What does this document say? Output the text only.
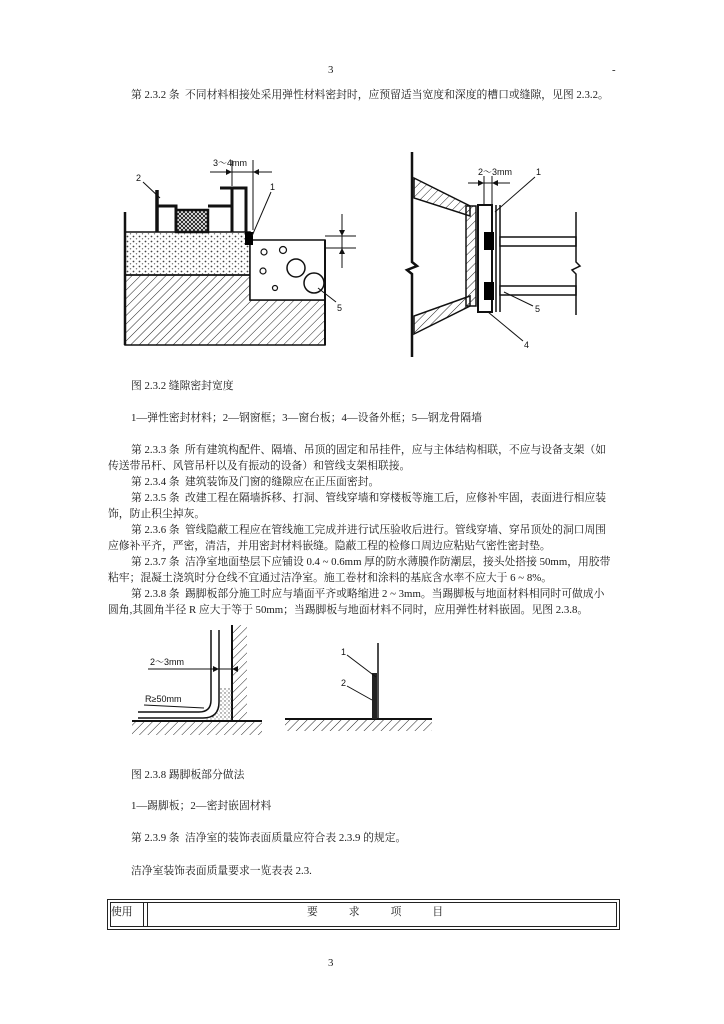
3	-
第 2.3.2 条  不同材料相接处采用弹性材料密封时，应预留适当宽度和深度的槽口或缝隙，见图 2.3.2。
3～4mm
1
2
5
2～3mm	1
5
4
图 2.3.2 缝隙密封宽度
1—弹性密封材料；2—钢窗框；3—窗台板；4—设备外框；5—钢龙骨隔墙
第 2.3.3 条  所有建筑构配件、隔墙、吊顶的固定和吊挂件，应与主体结构相联，不应与设备支架（如
传送带吊杆、风管吊杆以及有振动的设备）和管线支架相联接。
第 2.3.4 条  建筑装饰及门窗的缝隙应在正压面密封。
第 2.3.5 条  改建工程在隔墙拆移、打洞、管线穿墙和穿楼板等施工后，应修补牢固，表面进行相应装
饰，防止积尘掉灰。
第 2.3.6 条  管线隐蔽工程应在管线施工完成并进行试压验收后进行。管线穿墙、穿吊顶处的洞口周围
应修补平齐，严密，清洁，并用密封材料嵌缝。隐蔽工程的检修口周边应粘贴气密性密封垫。
第 2.3.7 条  洁净室地面垫层下应铺设 0.4 ~ 0.6mm 厚的防水薄膜作防潮层，接头处搭接 50mm，用胶带
粘牢；混凝土浇筑时分仓线不宜通过洁净室。施工卷材和涂料的基底含水率不应大于 6 ~ 8%。
第 2.3.8 条  踢脚板部分施工时应与墙面平齐或略缩进 2 ~ 3mm。当踢脚板与地面材料相同时可做成小
圆角,其圆角半径 R 应大于等于 50mm；当踢脚板与地面材料不同时，应用弹性材料嵌固。见图 2.3.8。
2～3mm
R≥50mm
1
2
图 2.3.8 踢脚板部分做法
1—踢脚板；2—密封嵌固材料
第 2.3.9 条  洁净室的装饰表面质量应符合表 2.3.9 的规定。
洁净室装饰表面质量要求一览表表 2.3.
使用	要求项目
3
